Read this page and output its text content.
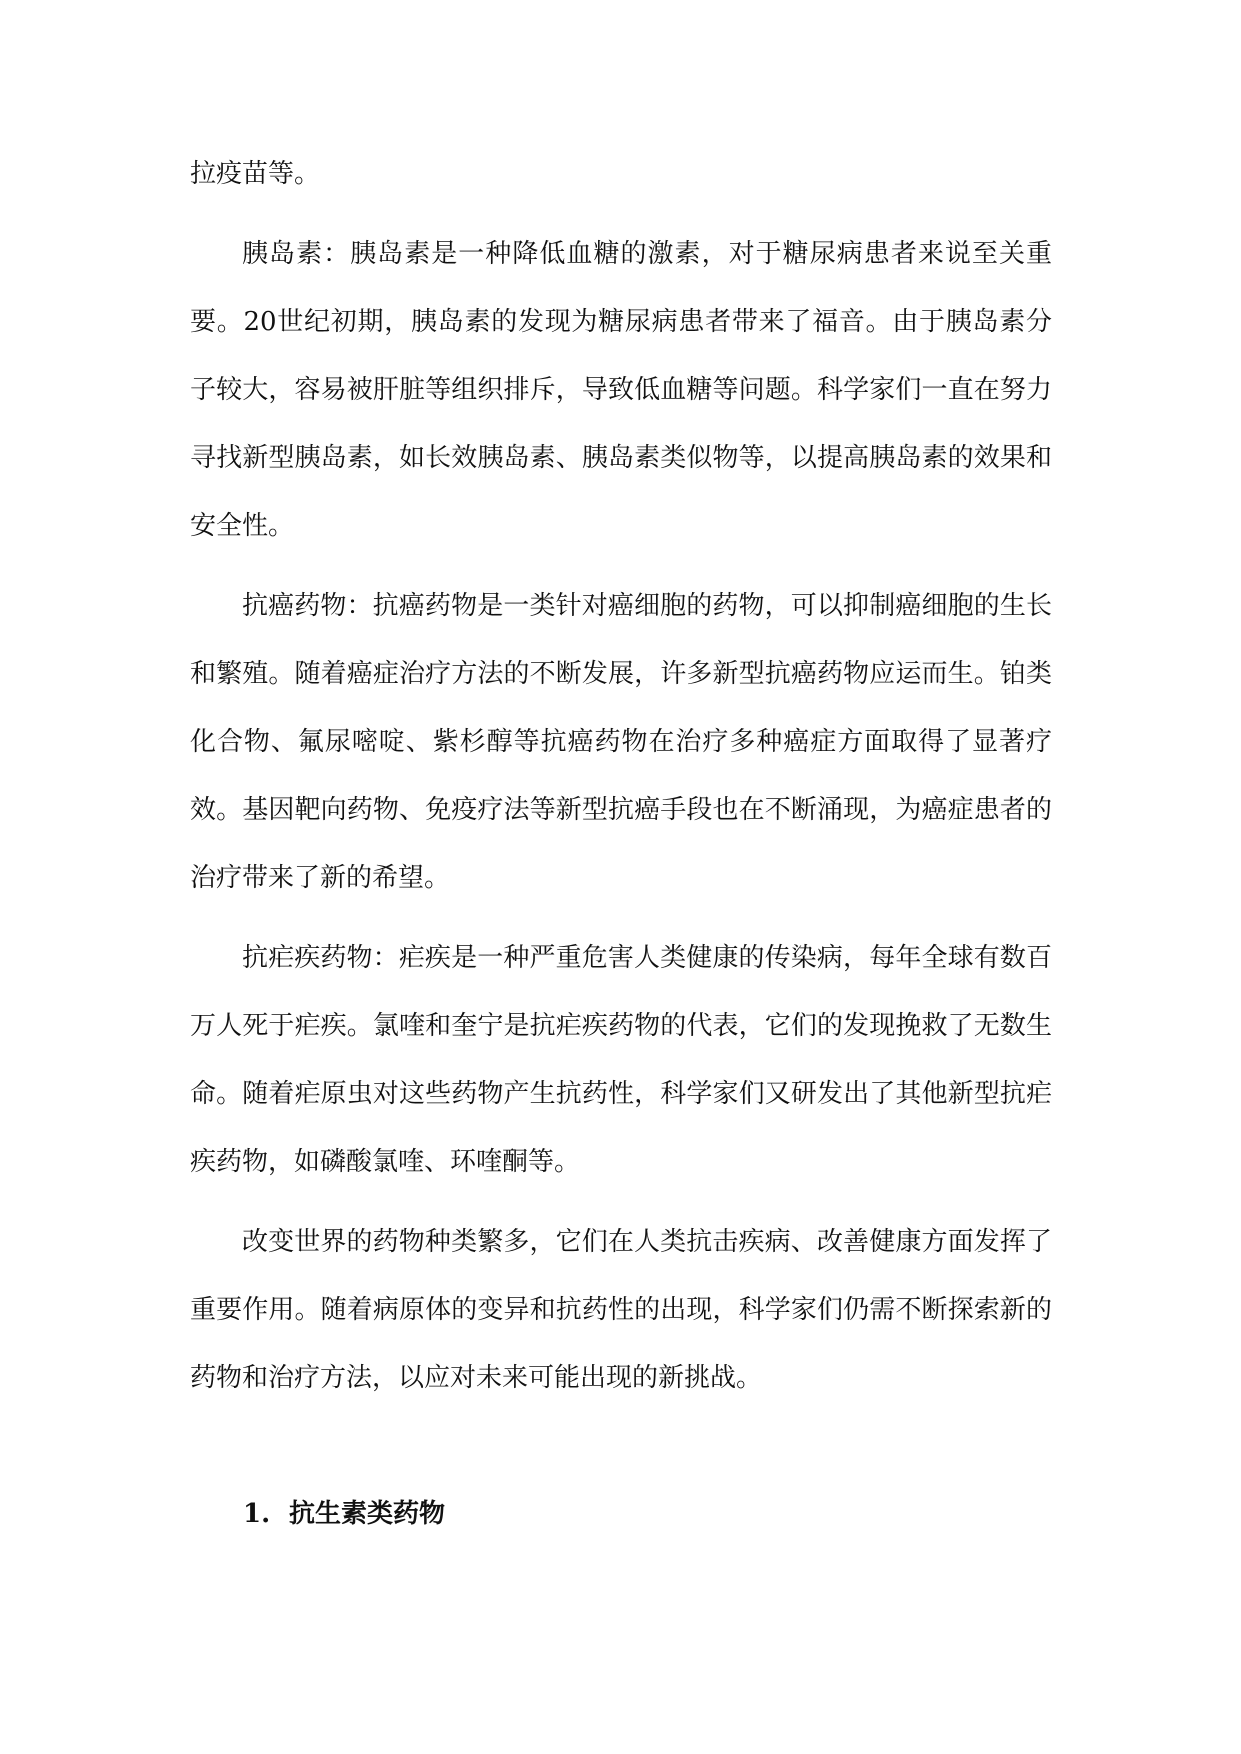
拉疫苗等。

胰岛素：胰岛素是一种降低血糖的激素，对于糖尿病患者来说至关重要。20世纪初期，胰岛素的发现为糖尿病患者带来了福音。由于胰岛素分子较大，容易被肝脏等组织排斥，导致低血糖等问题。科学家们一直在努力寻找新型胰岛素，如长效胰岛素、胰岛素类似物等，以提高胰岛素的效果和安全性。

抗癌药物：抗癌药物是一类针对癌细胞的药物，可以抑制癌细胞的生长和繁殖。随着癌症治疗方法的不断发展，许多新型抗癌药物应运而生。铂类化合物、氟尿嘧啶、紫杉醇等抗癌药物在治疗多种癌症方面取得了显著疗效。基因靶向药物、免疫疗法等新型抗癌手段也在不断涌现，为癌症患者的治疗带来了新的希望。

抗疟疾药物：疟疾是一种严重危害人类健康的传染病，每年全球有数百万人死于疟疾。氯喹和奎宁是抗疟疾药物的代表，它们的发现挽救了无数生命。随着疟原虫对这些药物产生抗药性，科学家们又研发出了其他新型抗疟疾药物，如磷酸氯喹、环喹酮等。

改变世界的药物种类繁多，它们在人类抗击疾病、改善健康方面发挥了重要作用。随着病原体的变异和抗药性的出现，科学家们仍需不断探索新的药物和治疗方法，以应对未来可能出现的新挑战。

1. 抗生素类药物
